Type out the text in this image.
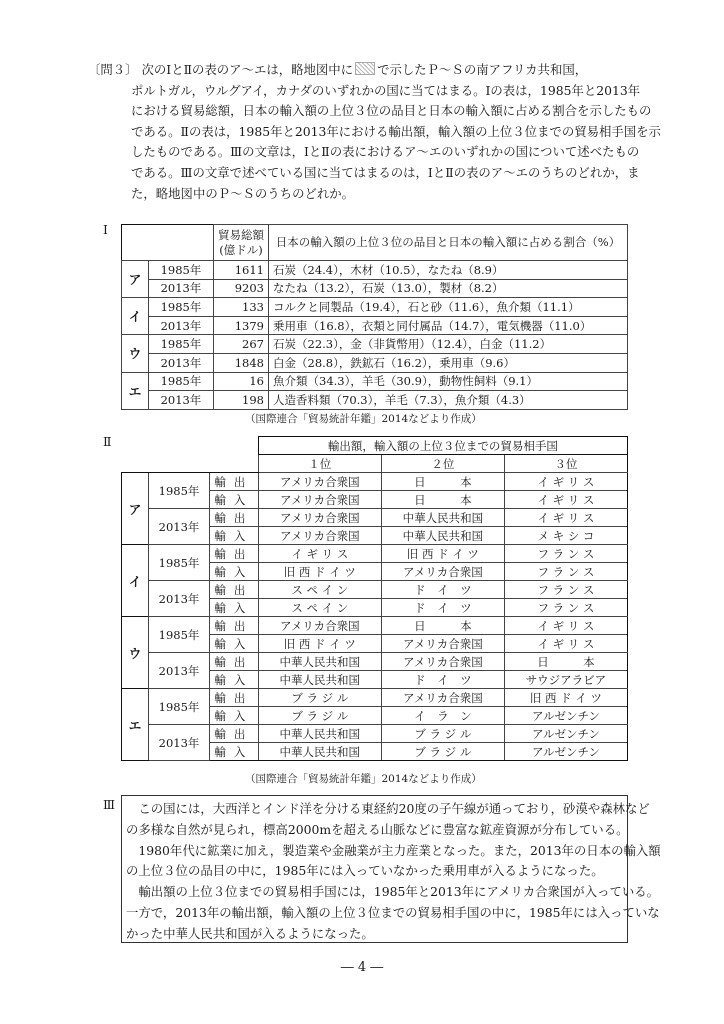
〔問３〕 次のⅠとⅡの表のア〜エは，略地図中に で示したＰ〜Ｓの南アフリカ共和国，
ポルトガル，ウルグアイ，カナダのいずれかの国に当てはまる。Ⅰの表は，1985年と2013年
における貿易総額，日本の輸入額の上位３位の品目と日本の輸入額に占める割合を示したもの
である。Ⅱの表は，1985年と2013年における輸出額，輸入額の上位３位までの貿易相手国を示
したものである。Ⅲの文章は，ⅠとⅡの表におけるア〜エのいずれかの国について述べたもの
である。Ⅲの文章で述べている国に当てはまるのは，ⅠとⅡの表のア〜エのうちのどれか，ま
た，略地図中のＰ〜Ｓのうちのどれか。
Ⅰ
		貿易総額
(億ドル)	日本の輸入額の上位３位の品目と日本の輸入額に占める割合（%）
ア	1985年	1611	石炭（24.4），木材（10.5），なたね（8.9）
	2013年	9203	なたね（13.2），石炭（13.0），製材（8.2）
イ	1985年	133	コルクと同製品（19.4），石と砂（11.6），魚介類（11.1）
	2013年	1379	乗用車（16.8），衣類と同付属品（14.7），電気機器（11.0）
ウ	1985年	267	石炭（22.3），金（非貨幣用）（12.4），白金（11.2）
	2013年	1848	白金（28.8），鉄鉱石（16.2），乗用車（9.6）
エ	1985年	16	魚介類（34.3），羊毛（30.9），動物性飼料（9.1）
	2013年	198	人造香料類（70.3），羊毛（7.3），魚介類（4.3）
（国際連合「貿易統計年鑑」2014などより作成）
Ⅱ
			輸出額，輸入額の上位３位までの貿易相手国		
			１位	２位	３位
ア	1985年	輸出	アメリカ合衆国	日　　　本	イ ギ リ ス
		輸入	アメリカ合衆国	日　　　本	イ ギ リ ス
	2013年	輸出	アメリカ合衆国	中華人民共和国	イ ギ リ ス
		輸入	アメリカ合衆国	中華人民共和国	メ キ シ コ
イ	1985年	輸出	イ ギ リ ス	旧 西 ド イ ツ	フ ラ ン ス
		輸入	旧 西 ド イ ツ	アメリカ合衆国	フ ラ ン ス
	2013年	輸出	ス ペ イ ン	ド　イ　ツ	フ ラ ン ス
		輸入	ス ペ イ ン	ド　イ　ツ	フ ラ ン ス
ウ	1985年	輸出	アメリカ合衆国	日　　　本	イ ギ リ ス
		輸入	旧 西 ド イ ツ	アメリカ合衆国	イ ギ リ ス
	2013年	輸出	中華人民共和国	アメリカ合衆国	日　　　本
		輸入	中華人民共和国	ド　イ　ツ	サウジアラビア
エ	1985年	輸出	ブ ラ ジ ル	アメリカ合衆国	旧 西 ド イ ツ
		輸入	ブ ラ ジ ル	イ　ラ　ン	アルゼンチン
	2013年	輸出	中華人民共和国	ブ ラ ジ ル	アルゼンチン
		輸入	中華人民共和国	ブ ラ ジ ル	アルゼンチン
（国際連合「貿易統計年鑑」2014などより作成）
Ⅲ 　この国には，大西洋とインド洋を分ける東経約20度の子午線が通っており，砂漠や森林など
の多様な自然が見られ，標高2000mを超える山脈などに豊富な鉱産資源が分布している。
　1980年代に鉱業に加え，製造業や金融業が主力産業となった。また，2013年の日本の輸入額
の上位３位の品目の中に，1985年には入っていなかった乗用車が入るようになった。
　輸出額の上位３位までの貿易相手国には，1985年と2013年にアメリカ合衆国が入っている。
一方で，2013年の輸出額，輸入額の上位３位までの貿易相手国の中に，1985年には入っていな
かった中華人民共和国が入るようになった。
― 4 ―
